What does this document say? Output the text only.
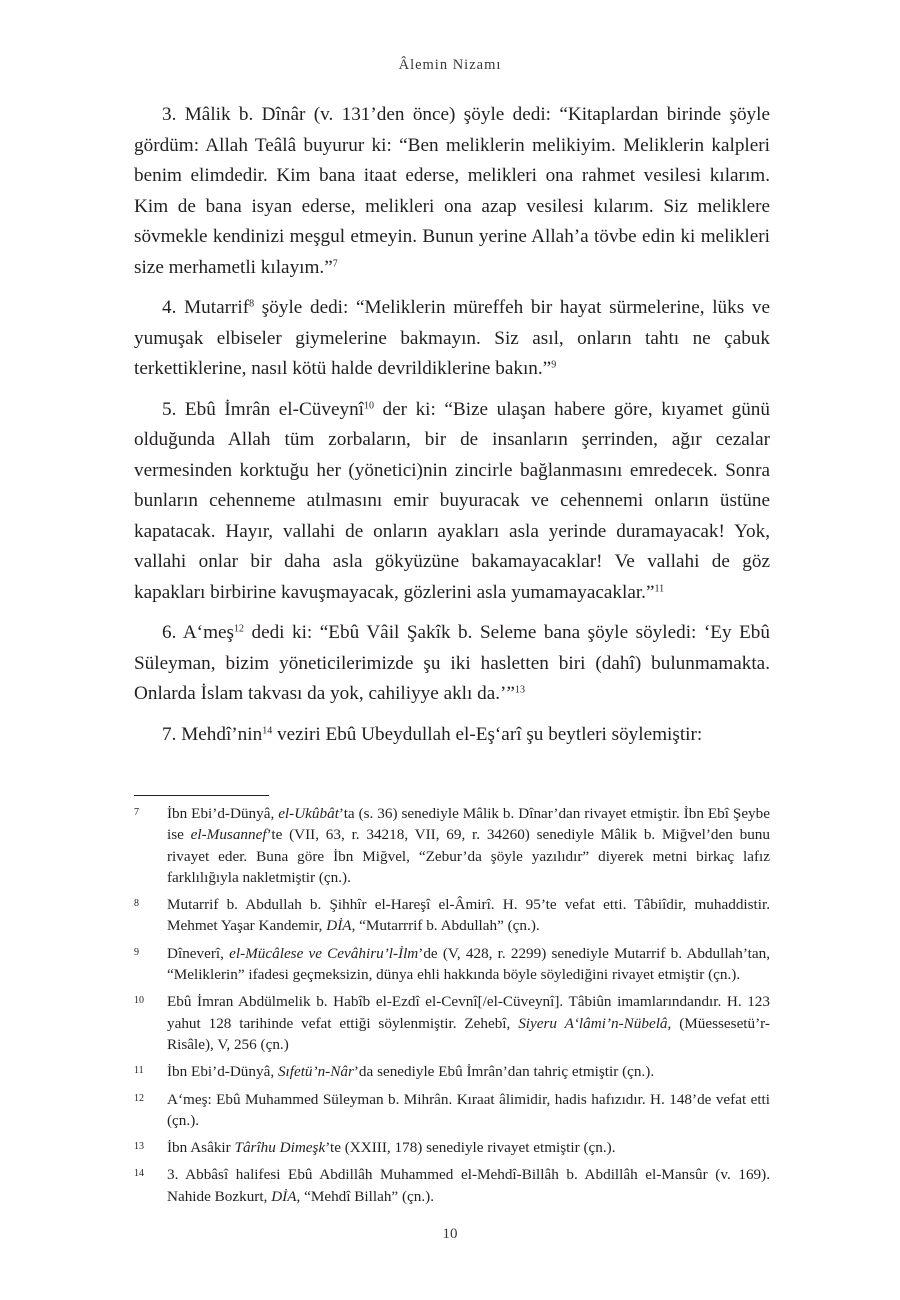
Âlemin Nizamı

3. Mâlik b. Dînâr (v. 131’den önce) şöyle dedi: “Kitaplardan birinde şöyle gördüm: Allah Teâlâ buyurur ki: “Ben meliklerin melikiyim. Meliklerin kalpleri benim elimdedir. Kim bana itaat ederse, melikleri ona rahmet vesilesi kılarım. Kim de bana isyan ederse, melikleri ona azap vesilesi kılarım. Siz meliklere sövmekle kendinizi meşgul etmeyin. Bunun yerine Allah’a tövbe edin ki melikleri size merhametli kılayım.”$^7$

4. Mutarrif$^8$ şöyle dedi: “Meliklerin müreffeh bir hayat sürmelerine, lüks ve yumuşak elbiseler giymelerine bakmayın. Siz asıl, onların tahtı ne çabuk terkettiklerine, nasıl kötü halde devrildiklerine bakın.”$^9$

5. Ebû İmrân el-Cüveynî$^{10}$ der ki: “Bize ulaşan habere göre, kıyamet günü olduğunda Allah tüm zorbaların, bir de insanların şerrinden, ağır cezalar vermesinden korktuğu her (yönetici)nin zincirle bağlanmasını emredecek. Sonra bunların cehenneme atılmasını emir buyuracak ve cehennemi onların üstüne kapatacak. Hayır, vallahi de onların ayakları asla yerinde duramayacak! Yok, vallahi onlar bir daha asla gökyüzüne bakamayacaklar! Ve vallahi de göz kapakları birbirine kavuşmayacak, gözlerini asla yumamayacaklar.”$^{11}$

6. A‘meş$^{12}$ dedi ki: “Ebû Vâil Şakîk b. Seleme bana şöyle söyledi: ‘Ey Ebû Süleyman, bizim yöneticilerimizde şu iki hasletten biri (dahî) bulunmamakta. Onlarda İslam takvası da yok, cahiliyye aklı da.’”$^{13}$

7. Mehdî’nin$^{14}$ veziri Ebû Ubeydullah el-Eş‘arî şu beytleri söylemiştir:

7	İbn Ebi’d-Dünyâ, el-Ukûbât’ta (s. 36) senediyle Mâlik b. Dînar’dan rivayet etmiştir. İbn Ebî Şeybe ise el-Musannef’te (VII, 63, r. 34218, VII, 69, r. 34260) senediyle Mâlik b. Miğvel’den bunu rivayet eder. Buna göre İbn Miğvel, “Zebur’da şöyle yazılıdır” diyerek metni birkaç lafız farklılığıyla nakletmiştir (çn.).
8	Mutarrif b. Abdullah b. Şihhîr el-Hareşî el-Âmirî. H. 95’te vefat etti. Tâbiîdir, muhaddistir. Mehmet Yaşar Kandemir, DİA, “Mutarrrif b. Abdullah” (çn.).
9	Dîneverî, el-Mücâlese ve Cevâhiru’l-İlm’de (V, 428, r. 2299) senediyle Mutarrif b. Abdullah’tan, “Meliklerin” ifadesi geçmeksizin, dünya ehli hakkında böyle söylediğini rivayet etmiştir (çn.).
10	Ebû İmran Abdülmelik b. Habîb el-Ezdî el-Cevnî[/el-Cüveynî]. Tâbiûn imamlarındandır. H. 123 yahut 128 tarihinde vefat ettiği söylenmiştir. Zehebî, Siyeru A‘lâmi’n-Nübelâ, (Müessesetü’r-Risâle), V, 256 (çn.)
11	İbn Ebi’d-Dünyâ, Sıfetü’n-Nâr’da senediyle Ebû İmrân’dan tahriç etmiştir (çn.).
12	A‘meş: Ebû Muhammed Süleyman b. Mihrân. Kıraat âlimidir, hadis hafızıdır. H. 148’de vefat etti (çn.).
13	İbn Asâkir Târîhu Dimeşk’te (XXIII, 178) senediyle rivayet etmiştir (çn.).
14	3. Abbâsî halifesi Ebû Abdillâh Muhammed el-Mehdî-Billâh b. Abdillâh el-Mansûr (v. 169). Nahide Bozkurt, DİA, “Mehdî Billah” (çn.).
10
